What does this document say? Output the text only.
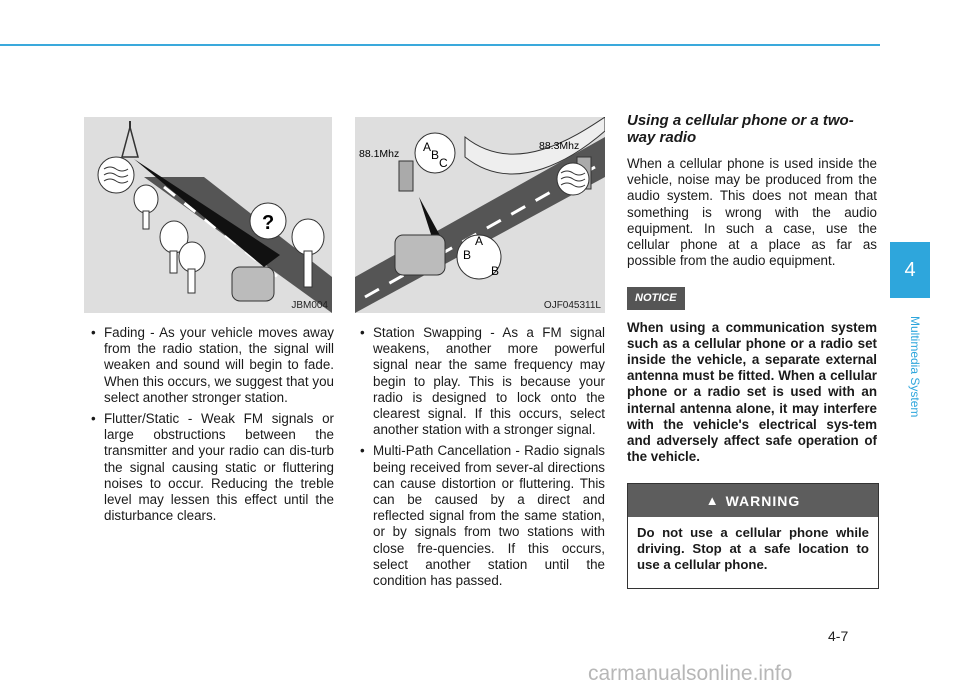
?
JBM004
88.1Mhz
88.3Mhz
A
B
C
A
B
B
OJF045311L
• Fading - As your vehicle moves away from the radio station, the signal will weaken and sound will begin to fade. When this occurs, we suggest that you select another stronger station.
• Flutter/Static - Weak FM signals or large obstructions between the transmitter and your radio can dis-turb the signal causing static or fluttering noises to occur. Reducing the treble level may lessen this effect until the disturbance clears.
• Station Swapping - As a FM signal weakens, another more powerful signal near the same frequency may begin to play. This is because your radio is designed to lock onto the clearest signal. If this occurs, select another station with a stronger signal.
• Multi-Path Cancellation - Radio signals being received from sever-al directions can cause distortion or fluttering. This can be caused by a direct and reflected signal from the same station, or by signals from two stations with close fre-quencies. If this occurs, select another station until the condition has passed.
Using a cellular phone or a two-way radio

When a cellular phone is used inside the vehicle, noise may be produced from the audio system. This does not mean that something is wrong with the audio equipment. In such a case, use the cellular phone at a place as far as possible from the audio equipment.

NOTICE
When using a communication system such as a cellular phone or a radio set inside the vehicle, a separate external antenna must be fitted. When a cellular phone or a radio set is used with an internal antenna alone, it may interfere with the vehicle's electrical sys-tem and adversely affect safe operation of the vehicle.
▲ WARNING
Do not use a cellular phone while driving. Stop at a safe location to use a cellular phone.
4
Multimedia System
4-7
carmanualsonline.info
